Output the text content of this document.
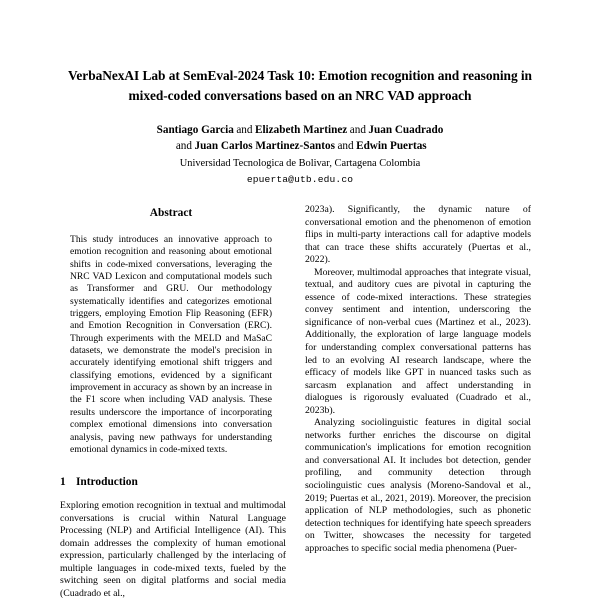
VerbaNexAI Lab at SemEval-2024 Task 10: Emotion recognition and reasoning in mixed-coded conversations based on an NRC VAD approach
Santiago Garcia and Elizabeth Martinez and Juan Cuadrado
and Juan Carlos Martinez-Santos and Edwin Puertas
Universidad Tecnologica de Bolivar, Cartagena Colombia
epuerta@utb.edu.co
Abstract

This study introduces an innovative approach to emotion recognition and reasoning about emotional shifts in code-mixed conversations, leveraging the NRC VAD Lexicon and computational models such as Transformer and GRU. Our methodology systematically identifies and categorizes emotional triggers, employing Emotion Flip Reasoning (EFR) and Emotion Recognition in Conversation (ERC). Through experiments with the MELD and MaSaC datasets, we demonstrate the model's precision in accurately identifying emotional shift triggers and classifying emotions, evidenced by a significant improvement in accuracy as shown by an increase in the F1 score when including VAD analysis. These results underscore the importance of incorporating complex emotional dimensions into conversation analysis, paving new pathways for understanding emotional dynamics in code-mixed texts.

1 Introduction

Exploring emotion recognition in textual and multimodal conversations is crucial within Natural Language Processing (NLP) and Artificial Intelligence (AI). This domain addresses the complexity of human emotional expression, particularly challenged by the interlacing of multiple languages in code-mixed texts, fueled by the switching seen on digital platforms and social media (Cuadrado et al.,

2023a). Significantly, the dynamic nature of conversational emotion and the phenomenon of emotion flips in multi-party interactions call for adaptive models that can trace these shifts accurately (Puertas et al., 2022).

Moreover, multimodal approaches that integrate visual, textual, and auditory cues are pivotal in capturing the essence of code-mixed interactions. These strategies convey sentiment and intention, underscoring the significance of non-verbal cues (Martinez et al., 2023). Additionally, the exploration of large language models for understanding complex conversational patterns has led to an evolving AI research landscape, where the efficacy of models like GPT in nuanced tasks such as sarcasm explanation and affect understanding in dialogues is rigorously evaluated (Cuadrado et al., 2023b).

Analyzing sociolinguistic features in digital social networks further enriches the discourse on digital communication's implications for emotion recognition and conversational AI. It includes bot detection, gender profiling, and community detection through sociolinguistic cues analysis (Moreno-Sandoval et al., 2019; Puertas et al., 2021, 2019). Moreover, the precision application of NLP methodologies, such as phonetic detection techniques for identifying hate speech spreaders on Twitter, showcases the necessity for targeted approaches to specific social media phenomena (Puer-
